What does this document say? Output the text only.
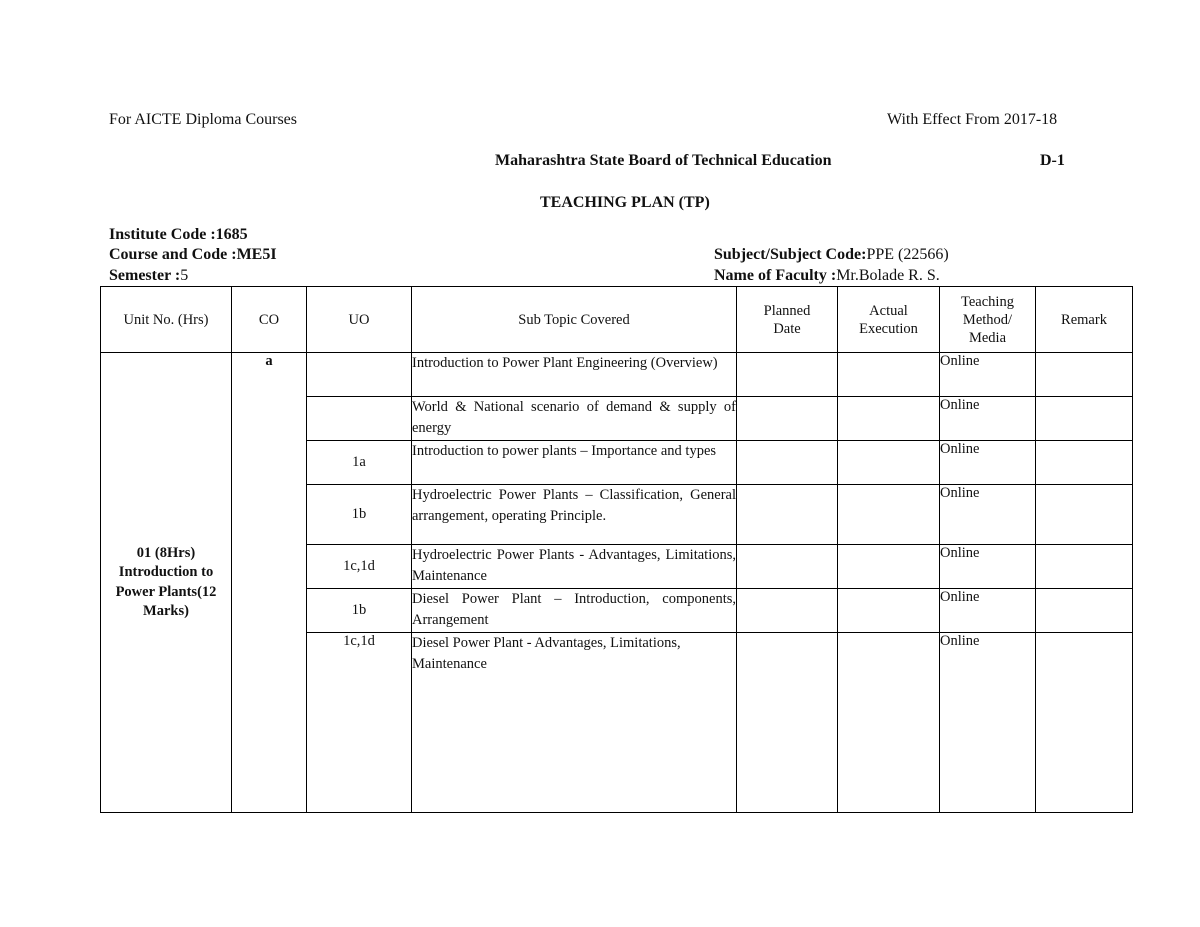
For AICTE Diploma Courses	With Effect From 2017-18
Maharashtra State Board of Technical Education	D-1
TEACHING PLAN (TP)
Institute Code :1685
Course and Code :ME5I
Semester :5
Subject/Subject Code:PPE (22566)
Name of Faculty :Mr.Bolade R. S.
Unit No. (Hrs)	CO	UO	Sub Topic Covered	Planned Date	Actual Execution	Teaching Method/ Media	Remark
01 (8Hrs) Introduction to Power Plants(12 Marks)	a		Introduction to Power Plant Engineering (Overview)			Online	
			World & National scenario of demand & supply of energy			Online	
		1a	Introduction to power plants – Importance and types			Online	
		1b	Hydroelectric Power Plants – Classification, General arrangement, operating Principle.			Online	
		1c,1d	Hydroelectric Power Plants - Advantages, Limitations, Maintenance			Online	
		1b	Diesel Power Plant – Introduction, components, Arrangement			Online	
		1c,1d	Diesel Power Plant - Advantages, Limitations, Maintenance			Online	
